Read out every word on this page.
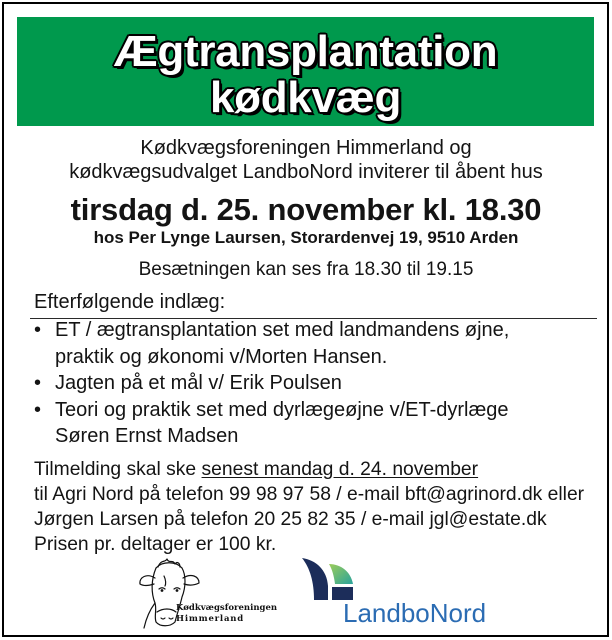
Ægtransplantation
kødkvæg
Kødkvægsforeningen Himmerland og
kødkvægsudvalget LandboNord inviterer til åbent hus
tirsdag d. 25. november kl. 18.30
hos Per Lynge Laursen, Storardenvej 19, 9510 Arden
Besætningen kan ses fra 18.30 til 19.15
Efterfølgende indlæg:
• ET / ægtransplantation set med landmandens øjne,
praktik og økonomi v/Morten Hansen.
• Jagten på et mål v/ Erik Poulsen
• Teori og praktik set med dyrlægeøjne v/ET-dyrlæge
Søren Ernst Madsen
Tilmelding skal ske senest mandag d. 24. november
til Agri Nord på telefon 99 98 97 58 / e-mail bft@agrinord.dk eller
Jørgen Larsen på telefon 20 25 82 35 / e-mail jgl@estate.dk
Prisen pr. deltager er 100 kr.
Kødkvægsforeningen
Himmerland	LandboNord
